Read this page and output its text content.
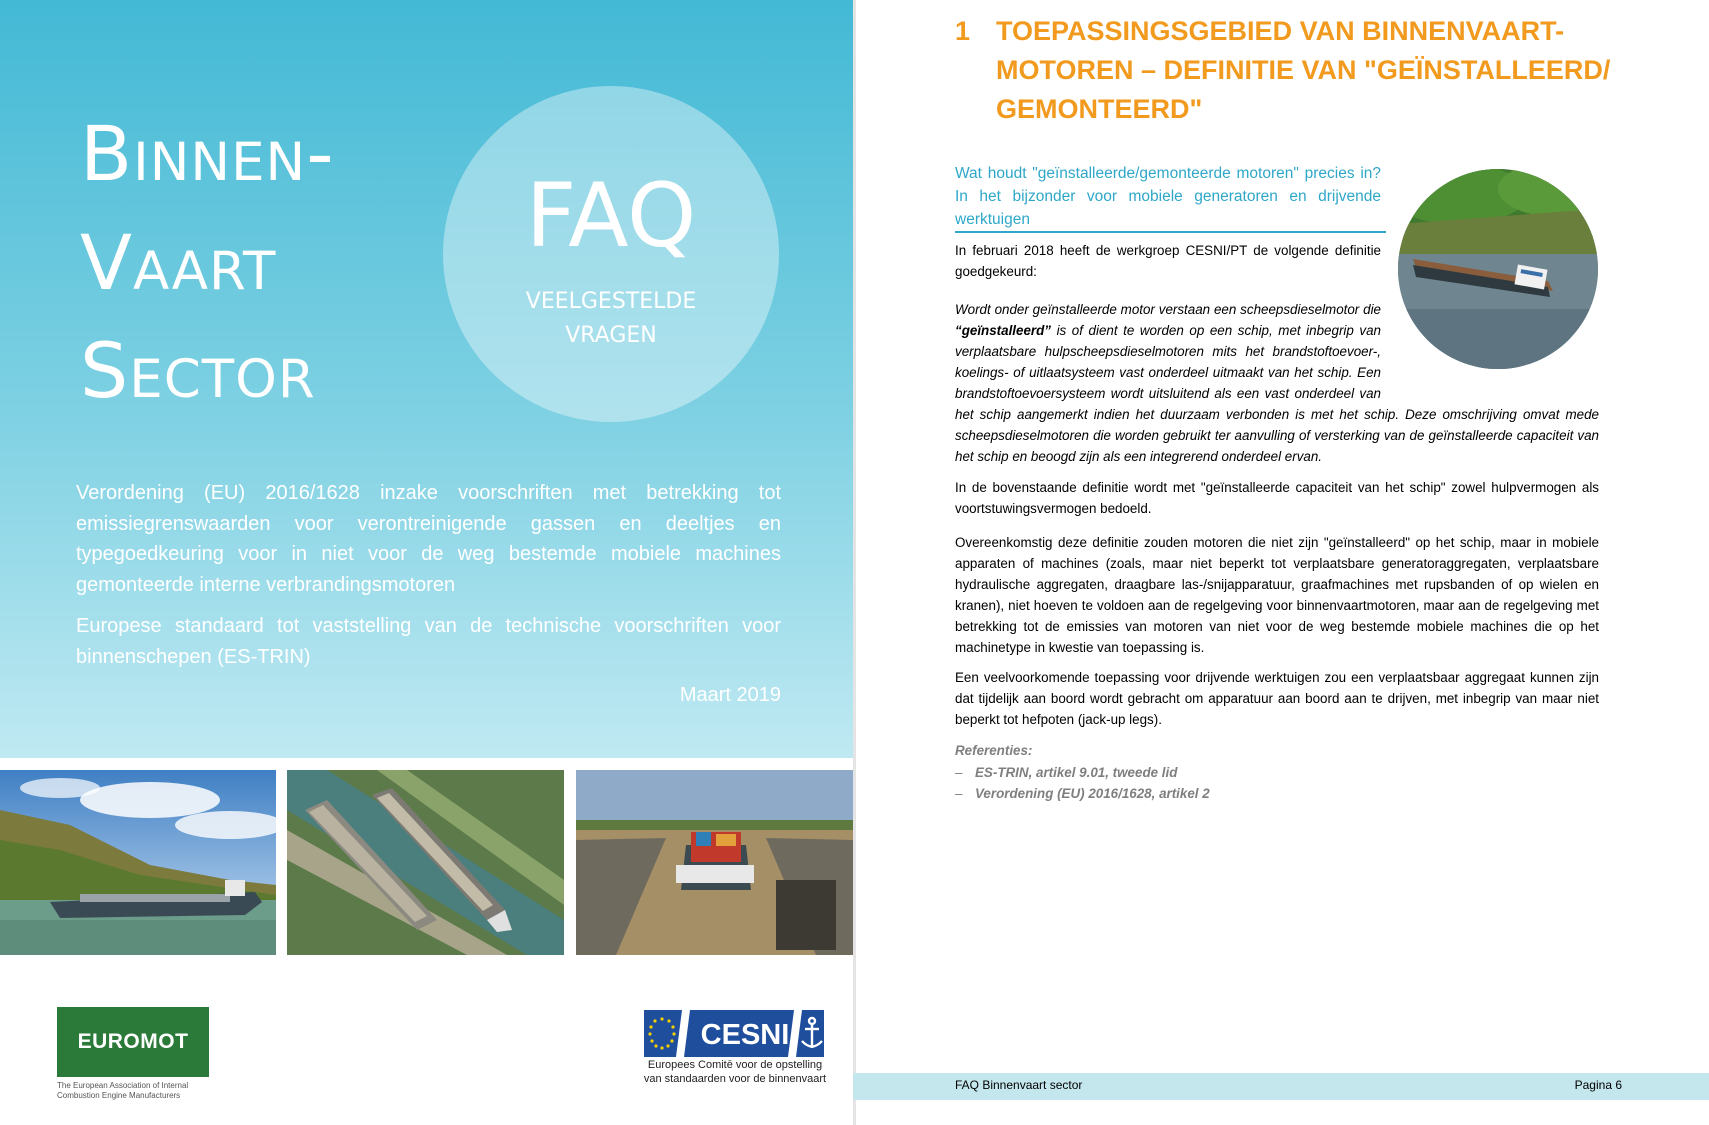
Binnen-
Vaart
Sector
FAQ
VEELGESTELDE
VRAGEN

Verordening (EU) 2016/1628 inzake voorschriften met betrekking tot emissiegrenswaarden voor verontreinigende gassen en deeltjes en typegoedkeuring voor in niet voor de weg bestemde mobiele machines gemonteerde interne verbrandingsmotoren

Europese standaard tot vaststelling van de technische voorschriften voor binnenschepen (ES-TRIN)

Maart 2019
EUROMOT
The European Association of Internal
Combustion Engine Manufacturers
CESNI
Europees Comitē voor de opstelling
van standaarden voor de binnenvaart
1 TOEPASSINGSGEBIED VAN BINNENVAART-
MOTOREN – DEFINITIE VAN "GEÏNSTALLEERD/
GEMONTEERD"

Wat houdt "geïnstalleerde/gemonteerde motoren" precies in? In het bijzonder voor mobiele generatoren en drijvende werktuigen

In februari 2018 heeft de werkgroep CESNI/PT de volgende definitie goedgekeurd:

Wordt onder geïnstalleerde motor verstaan een scheepsdieselmotor die “geïnstalleerd” is of dient te worden op een schip, met inbegrip van verplaatsbare hulpscheepsdieselmotoren mits het brandstoftoevoer-, koelings- of uitlaatsysteem vast onderdeel uitmaakt van het schip. Een brandstoftoevoersysteem wordt uitsluitend als een vast onderdeel van het schip aangemerkt indien het duurzaam verbonden is met het schip. Deze omschrijving omvat mede scheepsdieselmotoren die worden gebruikt ter aanvulling of versterking van de geïnstalleerde capaciteit van het schip en beoogd zijn als een integrerend onderdeel ervan.

In de bovenstaande definitie wordt met "geïnstalleerde capaciteit van het schip" zowel hulpvermogen als voortstuwingsvermogen bedoeld.

Overeenkomstig deze definitie zouden motoren die niet zijn "geïnstalleerd" op het schip, maar in mobiele apparaten of machines (zoals, maar niet beperkt tot verplaatsbare generatoraggregaten, verplaatsbare hydraulische aggregaten, draagbare las-/snijapparatuur, graafmachines met rupsbanden of op wielen en kranen), niet hoeven te voldoen aan de regelgeving voor binnenvaartmotoren, maar aan de regelgeving met betrekking tot de emissies van motoren van niet voor de weg bestemde mobiele machines die op het machinetype in kwestie van toepassing is.

Een veelvoorkomende toepassing voor drijvende werktuigen zou een verplaatsbaar aggregaat kunnen zijn dat tijdelijk aan boord wordt gebracht om apparatuur aan boord aan te drijven, met inbegrip van maar niet beperkt tot hefpoten (jack-up legs).

Referenties:
– ES-TRIN, artikel 9.01, tweede lid
– Verordening (EU) 2016/1628, artikel 2
FAQ Binnenvaart sector	Pagina 6
